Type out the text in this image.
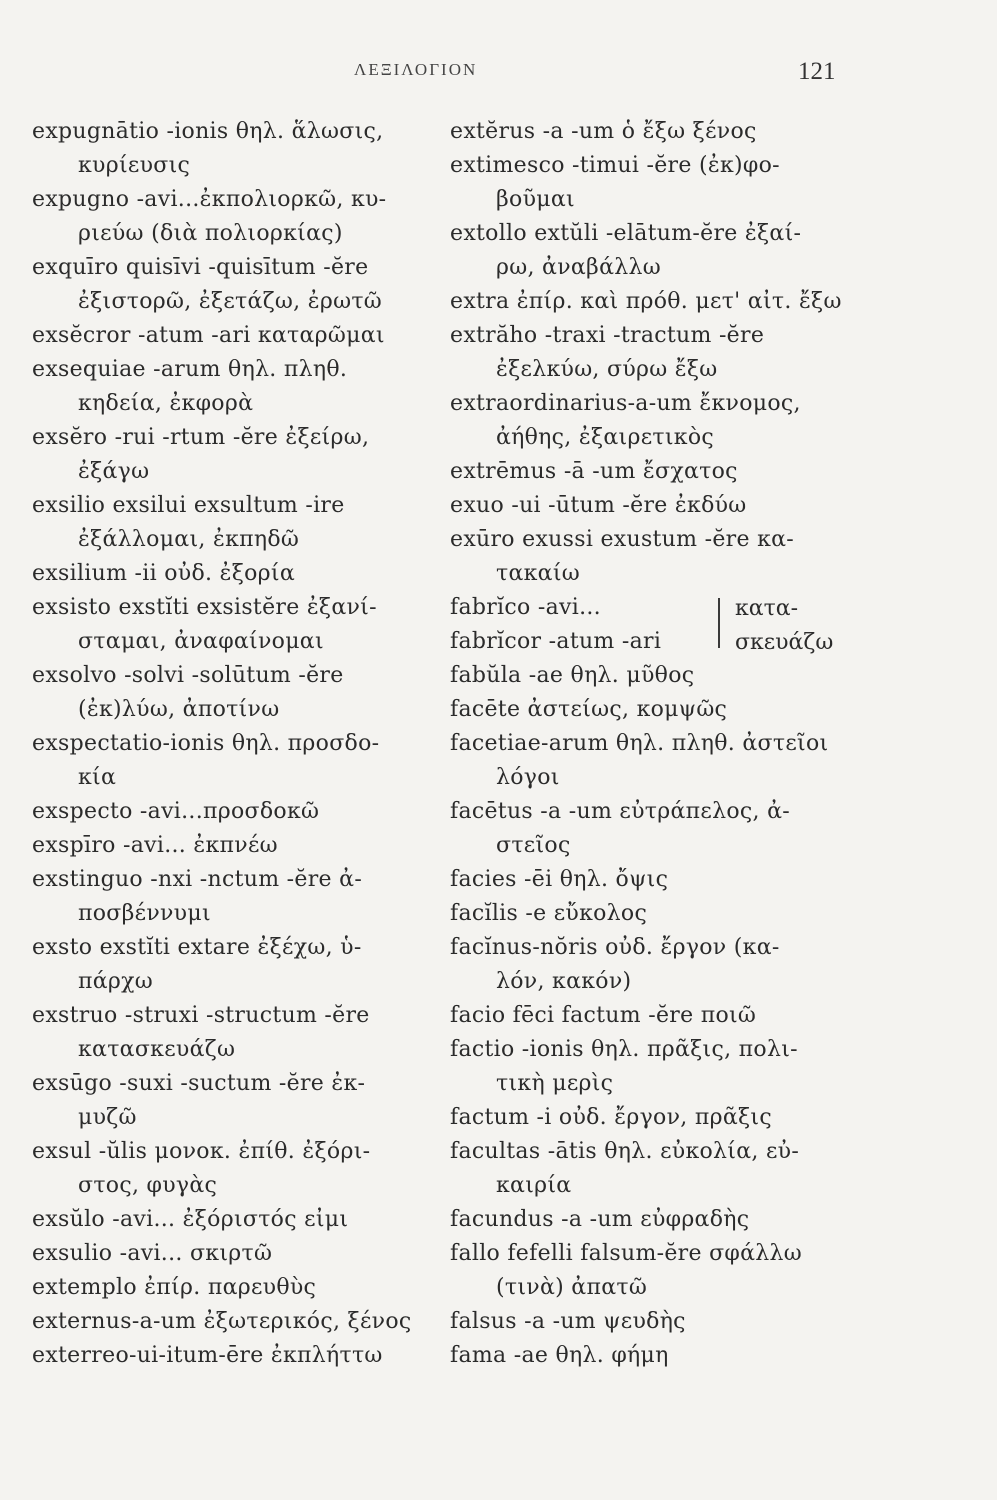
ΛΕΞΙΛΟΓΙΟΝ	121
expugnātio -ionis θηλ. ἅλωσις,
κυρίευσις
expugno -avi...ἐκπολιορκῶ, κυ-
ριεύω (διὰ πολιορκίας)
exquīro quisīvi -quisītum -ĕre
ἐξιστορῶ, ἐξετάζω, ἐρωτῶ
exsĕcror -atum -ari καταρῶμαι
exsequiae -arum θηλ. πληθ.
κηδεία, ἐκφορὰ
exsĕro -rui -rtum -ĕre ἐξείρω,
ἐξάγω
exsilio exsilui exsultum -ire
ἐξάλλομαι, ἐκπηδῶ
exsilium -ii οὐδ. ἐξορία
exsisto exstĭti exsistĕre ἐξανί-
σταμαι, ἀναφαίνομαι
exsolvo -solvi -solūtum -ĕre
(ἐκ)λύω, ἀποτίνω
exspectatio-ionis θηλ. προσδο-
κία
exspecto -avi...προσδοκῶ
exspīro -avi... ἐκπνέω
exstinguo -nxi -nctum -ĕre ἀ-
ποσβέννυμι
exsto exstĭti extare ἐξέχω, ὑ-
πάρχω
exstruo -struxi -structum -ĕre
κατασκευάζω
exsūgo -suxi -suctum -ĕre ἐκ-
μυζῶ
exsul -ŭlis μονοκ. ἐπίθ. ἐξόρι-
στος, φυγὰς
exsŭlo -avi... ἐξόριστός εἰμι
exsulio -avi... σκιρτῶ
extemplo ἐπίρ. παρευθὺς
externus-a-um ἐξωτερικός, ξένος
exterreo-ui-itum-ēre ἐκπλήττω
extĕrus -a -um ὁ ἔξω ξένος
extimesco -timui -ĕre (ἐκ)φο-
βοῦμαι
extollo extŭli -elātum-ĕre ἐξαί-
ρω, ἀναβάλλω
extra ἐπίρ. καὶ πρόθ. μετ' αἰτ. ἔξω
extrăho -traxi -tractum -ĕre
ἐξελκύω, σύρω ἔξω
extraordinarius-a-um ἔκνομος,
ἀήθης, ἐξαιρετικὸς
extrēmus -ā -um ἔσχατος
exuo -ui -ūtum -ĕre ἐκδύω
exūro exussi exustum -ĕre κα-
τακαίω
fabrĭco -avi...
fabrĭcor -atum -ari
fabŭla -ae θηλ. μῦθος
facēte ἀστείως, κομψῶς
facetiae-arum θηλ. πληθ. ἀστεῖοι
λόγοι
facētus -a -um εὐτράπελος, ἀ-
στεῖος
facies -ēi θηλ. ὄψις
facĭlis -e εὔκολος
facĭnus-nŏris οὐδ. ἔργον (κα-
λόν, κακόν)
facio fēci factum -ĕre ποιῶ
factio -ionis θηλ. πρᾶξις, πολι-
τικὴ μερὶς
factum -i οὐδ. ἔργον, πρᾶξις
facultas -ātis θηλ. εὐκολία, εὐ-
καιρία
facundus -a -um εὐφραδὴς
fallo fefelli falsum-ĕre σφάλλω
(τινὰ) ἀπατῶ
falsus -a -um ψευδὴς
fama -ae θηλ. φήμη
κατα-
σκευάζω
